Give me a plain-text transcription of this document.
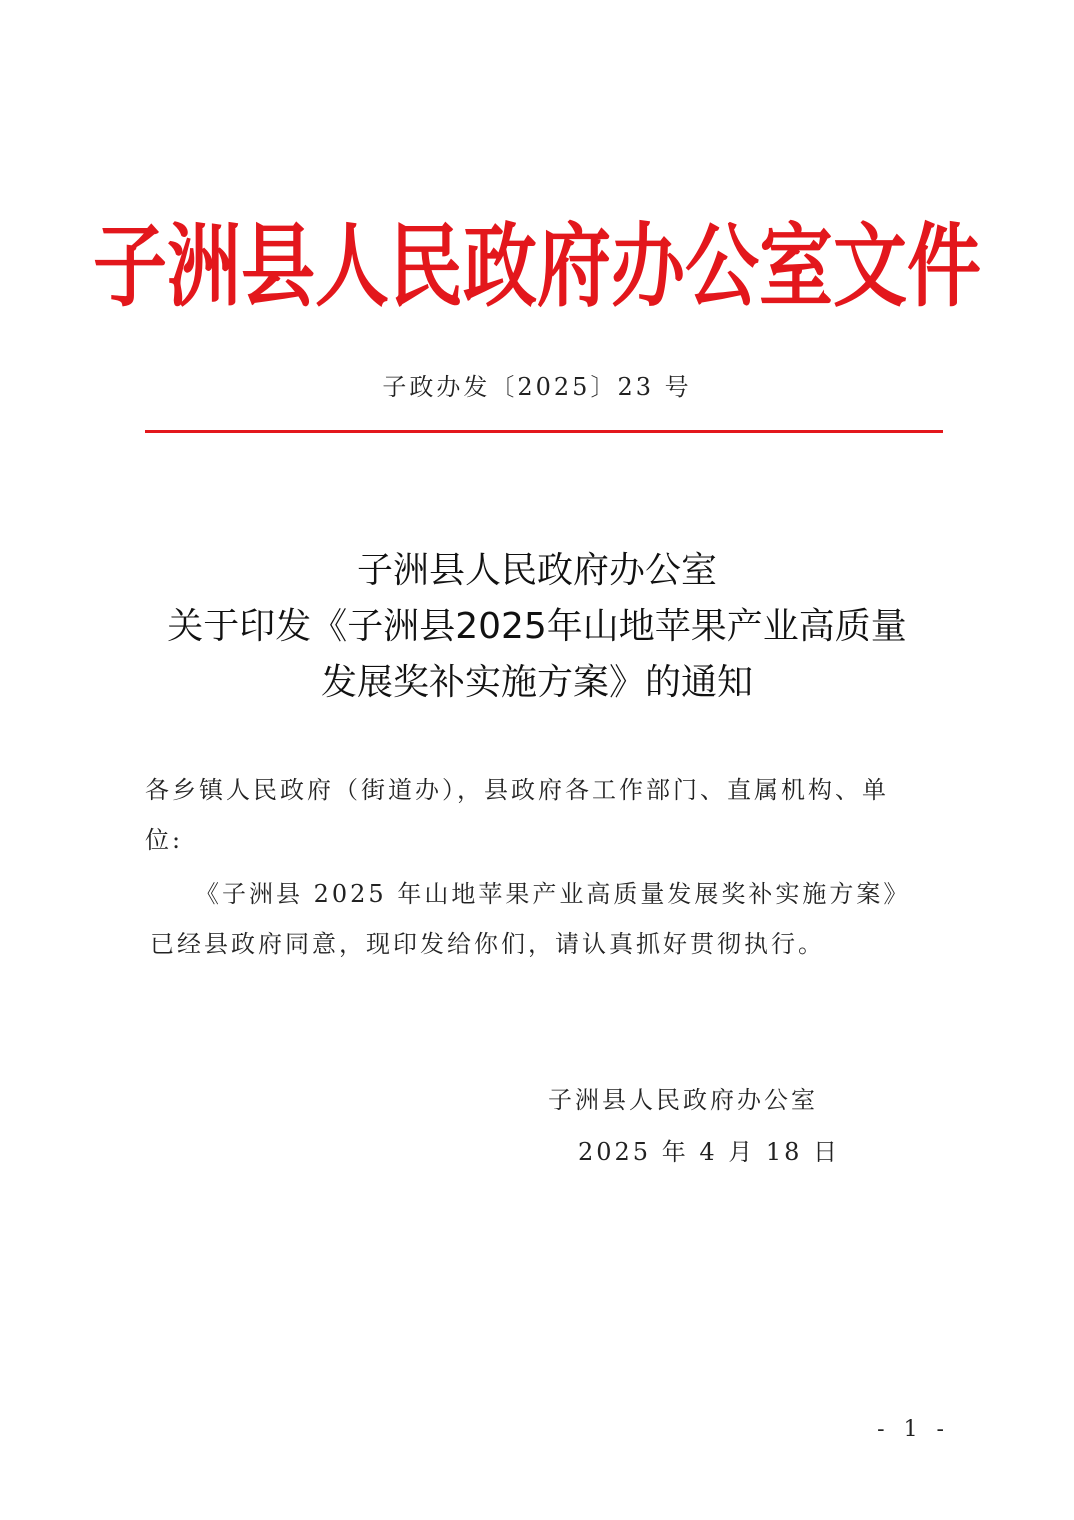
子洲县人民政府办公室文件
子政办发〔2025〕23 号
子洲县人民政府办公室
关于印发《子洲县2025年山地苹果产业高质量
发展奖补实施方案》的通知
各乡镇人民政府（街道办），县政府各工作部门、直属机构、单
位:
《子洲县 2025 年山地苹果产业高质量发展奖补实施方案》
已经县政府同意，现印发给你们，请认真抓好贯彻执行。
子洲县人民政府办公室
2025 年 4 月 18 日
- 1 -
